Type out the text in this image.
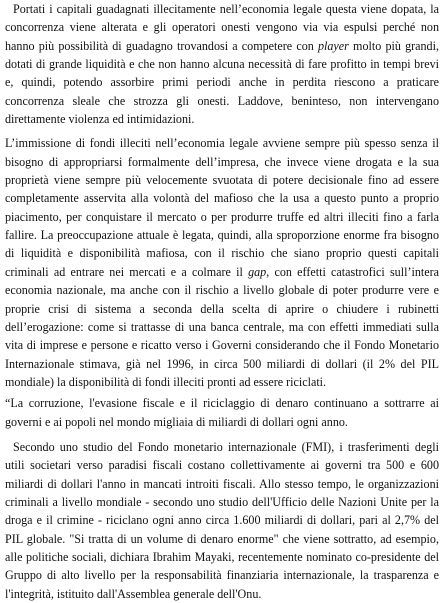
Portati i capitali guadagnati illecitamente nell’economia legale questa viene dopata, la concorrenza viene alterata e gli operatori onesti vengono via via espulsi perché non hanno più possibilità di guadagno trovandosi a competere con player molto più grandi, dotati di grande liquidità e che non hanno alcuna necessità di fare profitto in tempi brevi e, quindi, potendo assorbire primi periodi anche in perdita riescono a praticare concorrenza sleale che strozza gli onesti. Laddove, beninteso, non intervengano direttamente violenza ed intimidazioni.

L’immissione di fondi illeciti nell’economia legale avviene sempre più spesso senza il bisogno di appropriarsi formalmente dell’impresa, che invece viene drogata e la sua proprietà viene sempre più velocemente svuotata di potere decisionale fino ad essere completamente asservita alla volontà del mafioso che la usa a questo punto a proprio piacimento, per conquistare il mercato o per produrre truffe ed altri illeciti fino a farla fallire. La preoccupazione attuale è legata, quindi, alla sproporzione enorme fra bisogno di liquidità e disponibilità mafiosa, con il rischio che siano proprio questi capitali criminali ad entrare nei mercati e a colmare il gap, con effetti catastrofici sull’intera economia nazionale, ma anche con il rischio a livello globale di poter produrre vere e proprie crisi di sistema a seconda della scelta di aprire o chiudere i rubinetti dell’erogazione: come si trattasse di una banca centrale, ma con effetti immediati sulla vita di imprese e persone e ricatto verso i Governi considerando che il Fondo Monetario Internazionale stimava, già nel 1996, in circa 500 miliardi di dollari (il 2% del PIL mondiale) la disponibilità di fondi illeciti pronti ad essere riciclati.

“La corruzione, l'evasione fiscale e il riciclaggio di denaro continuano a sottrarre ai governi e ai popoli nel mondo migliaia di miliardi di dollari ogni anno.

Secondo uno studio del Fondo monetario internazionale (FMI), i trasferimenti degli utili societari verso paradisi fiscali costano collettivamente ai governi tra 500 e 600 miliardi di dollari l'anno in mancati introiti fiscali. Allo stesso tempo, le organizzazioni criminali a livello mondiale - secondo uno studio dell'Ufficio delle Nazioni Unite per la droga e il crimine - riciclano ogni anno circa 1.600 miliardi di dollari, pari al 2,7% del PIL globale. "Si tratta di un volume di denaro enorme" che viene sottratto, ad esempio, alle politiche sociali, dichiara Ibrahim Mayaki, recentemente nominato co-presidente del Gruppo di alto livello per la responsabilità finanziaria internazionale, la trasparenza e l'integrità, istituito dall'Assemblea generale dell'Onu.
